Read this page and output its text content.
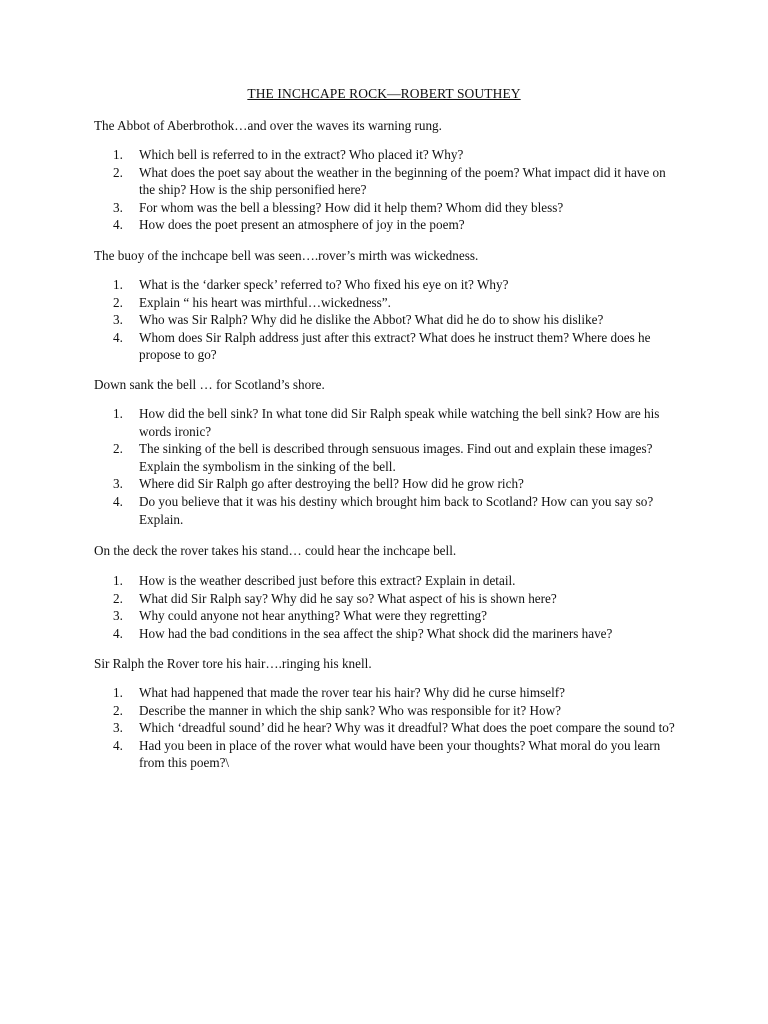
THE INCHCAPE ROCK—ROBERT SOUTHEY

The Abbot of Aberbrothok…and over the waves its warning rung.

1. Which bell is referred to in the extract? Who placed it? Why?
2. What does the poet say about the weather in the beginning of the poem? What impact did it have on the ship? How is the ship personified here?
3. For whom was the bell a blessing? How did it help them? Whom did they bless?
4. How does the poet present an atmosphere of joy in the poem?

The buoy of the inchcape bell was seen….rover’s mirth was wickedness.

1. What is the ‘darker speck’ referred to? Who fixed his eye on it? Why?
2. Explain “ his heart was mirthful…wickedness”.
3. Who was Sir Ralph? Why did he dislike the Abbot? What did he do to show his dislike?
4. Whom does Sir Ralph address just after this extract? What does he instruct them? Where does he propose to go?

Down sank the bell … for Scotland’s shore.

1. How did the bell sink? In what tone did Sir Ralph speak while watching the bell sink? How are his words ironic?
2. The sinking of the bell is described through sensuous images. Find out and explain these images? Explain the symbolism in the sinking of the bell.
3. Where did Sir Ralph go after destroying the bell? How did he grow rich?
4. Do you believe that it was his destiny which brought him back to Scotland? How can you say so? Explain.

On the deck the rover takes his stand… could hear the inchcape bell.

1. How is the weather described just before this extract? Explain in detail.
2. What did Sir Ralph say? Why did he say so? What aspect of his is shown here?
3. Why could anyone not hear anything? What were they regretting?
4. How had the bad conditions in the sea affect the ship? What shock did the mariners have?

Sir Ralph the Rover tore his hair….ringing his knell.

1. What had happened that made the rover tear his hair? Why did he curse himself?
2. Describe the manner in which the ship sank? Who was responsible for it? How?
3. Which ‘dreadful sound’ did he hear? Why was it dreadful? What does the poet compare the sound to?
4. Had you been in place of the rover what would have been your thoughts? What moral do you learn from this poem?\
